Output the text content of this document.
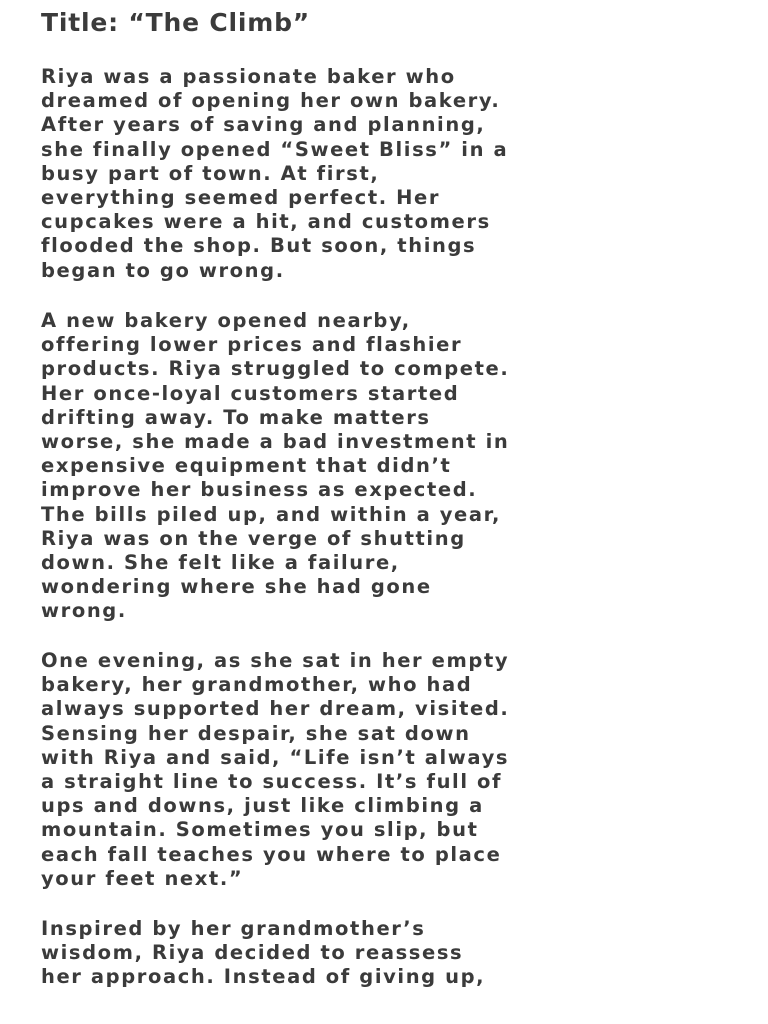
Title: “The Climb”

Riya was a passionate baker who
dreamed of opening her own bakery.
After years of saving and planning,
she finally opened “Sweet Bliss” in a
busy part of town. At first,
everything seemed perfect. Her
cupcakes were a hit, and customers
flooded the shop. But soon, things
began to go wrong.

A new bakery opened nearby,
offering lower prices and flashier
products. Riya struggled to compete.
Her once-loyal customers started
drifting away. To make matters
worse, she made a bad investment in
expensive equipment that didn’t
improve her business as expected.
The bills piled up, and within a year,
Riya was on the verge of shutting
down. She felt like a failure,
wondering where she had gone
wrong.

One evening, as she sat in her empty
bakery, her grandmother, who had
always supported her dream, visited.
Sensing her despair, she sat down
with Riya and said, “Life isn’t always
a straight line to success. It’s full of
ups and downs, just like climbing a
mountain. Sometimes you slip, but
each fall teaches you where to place
your feet next.”

Inspired by her grandmother’s
wisdom, Riya decided to reassess
her approach. Instead of giving up,
